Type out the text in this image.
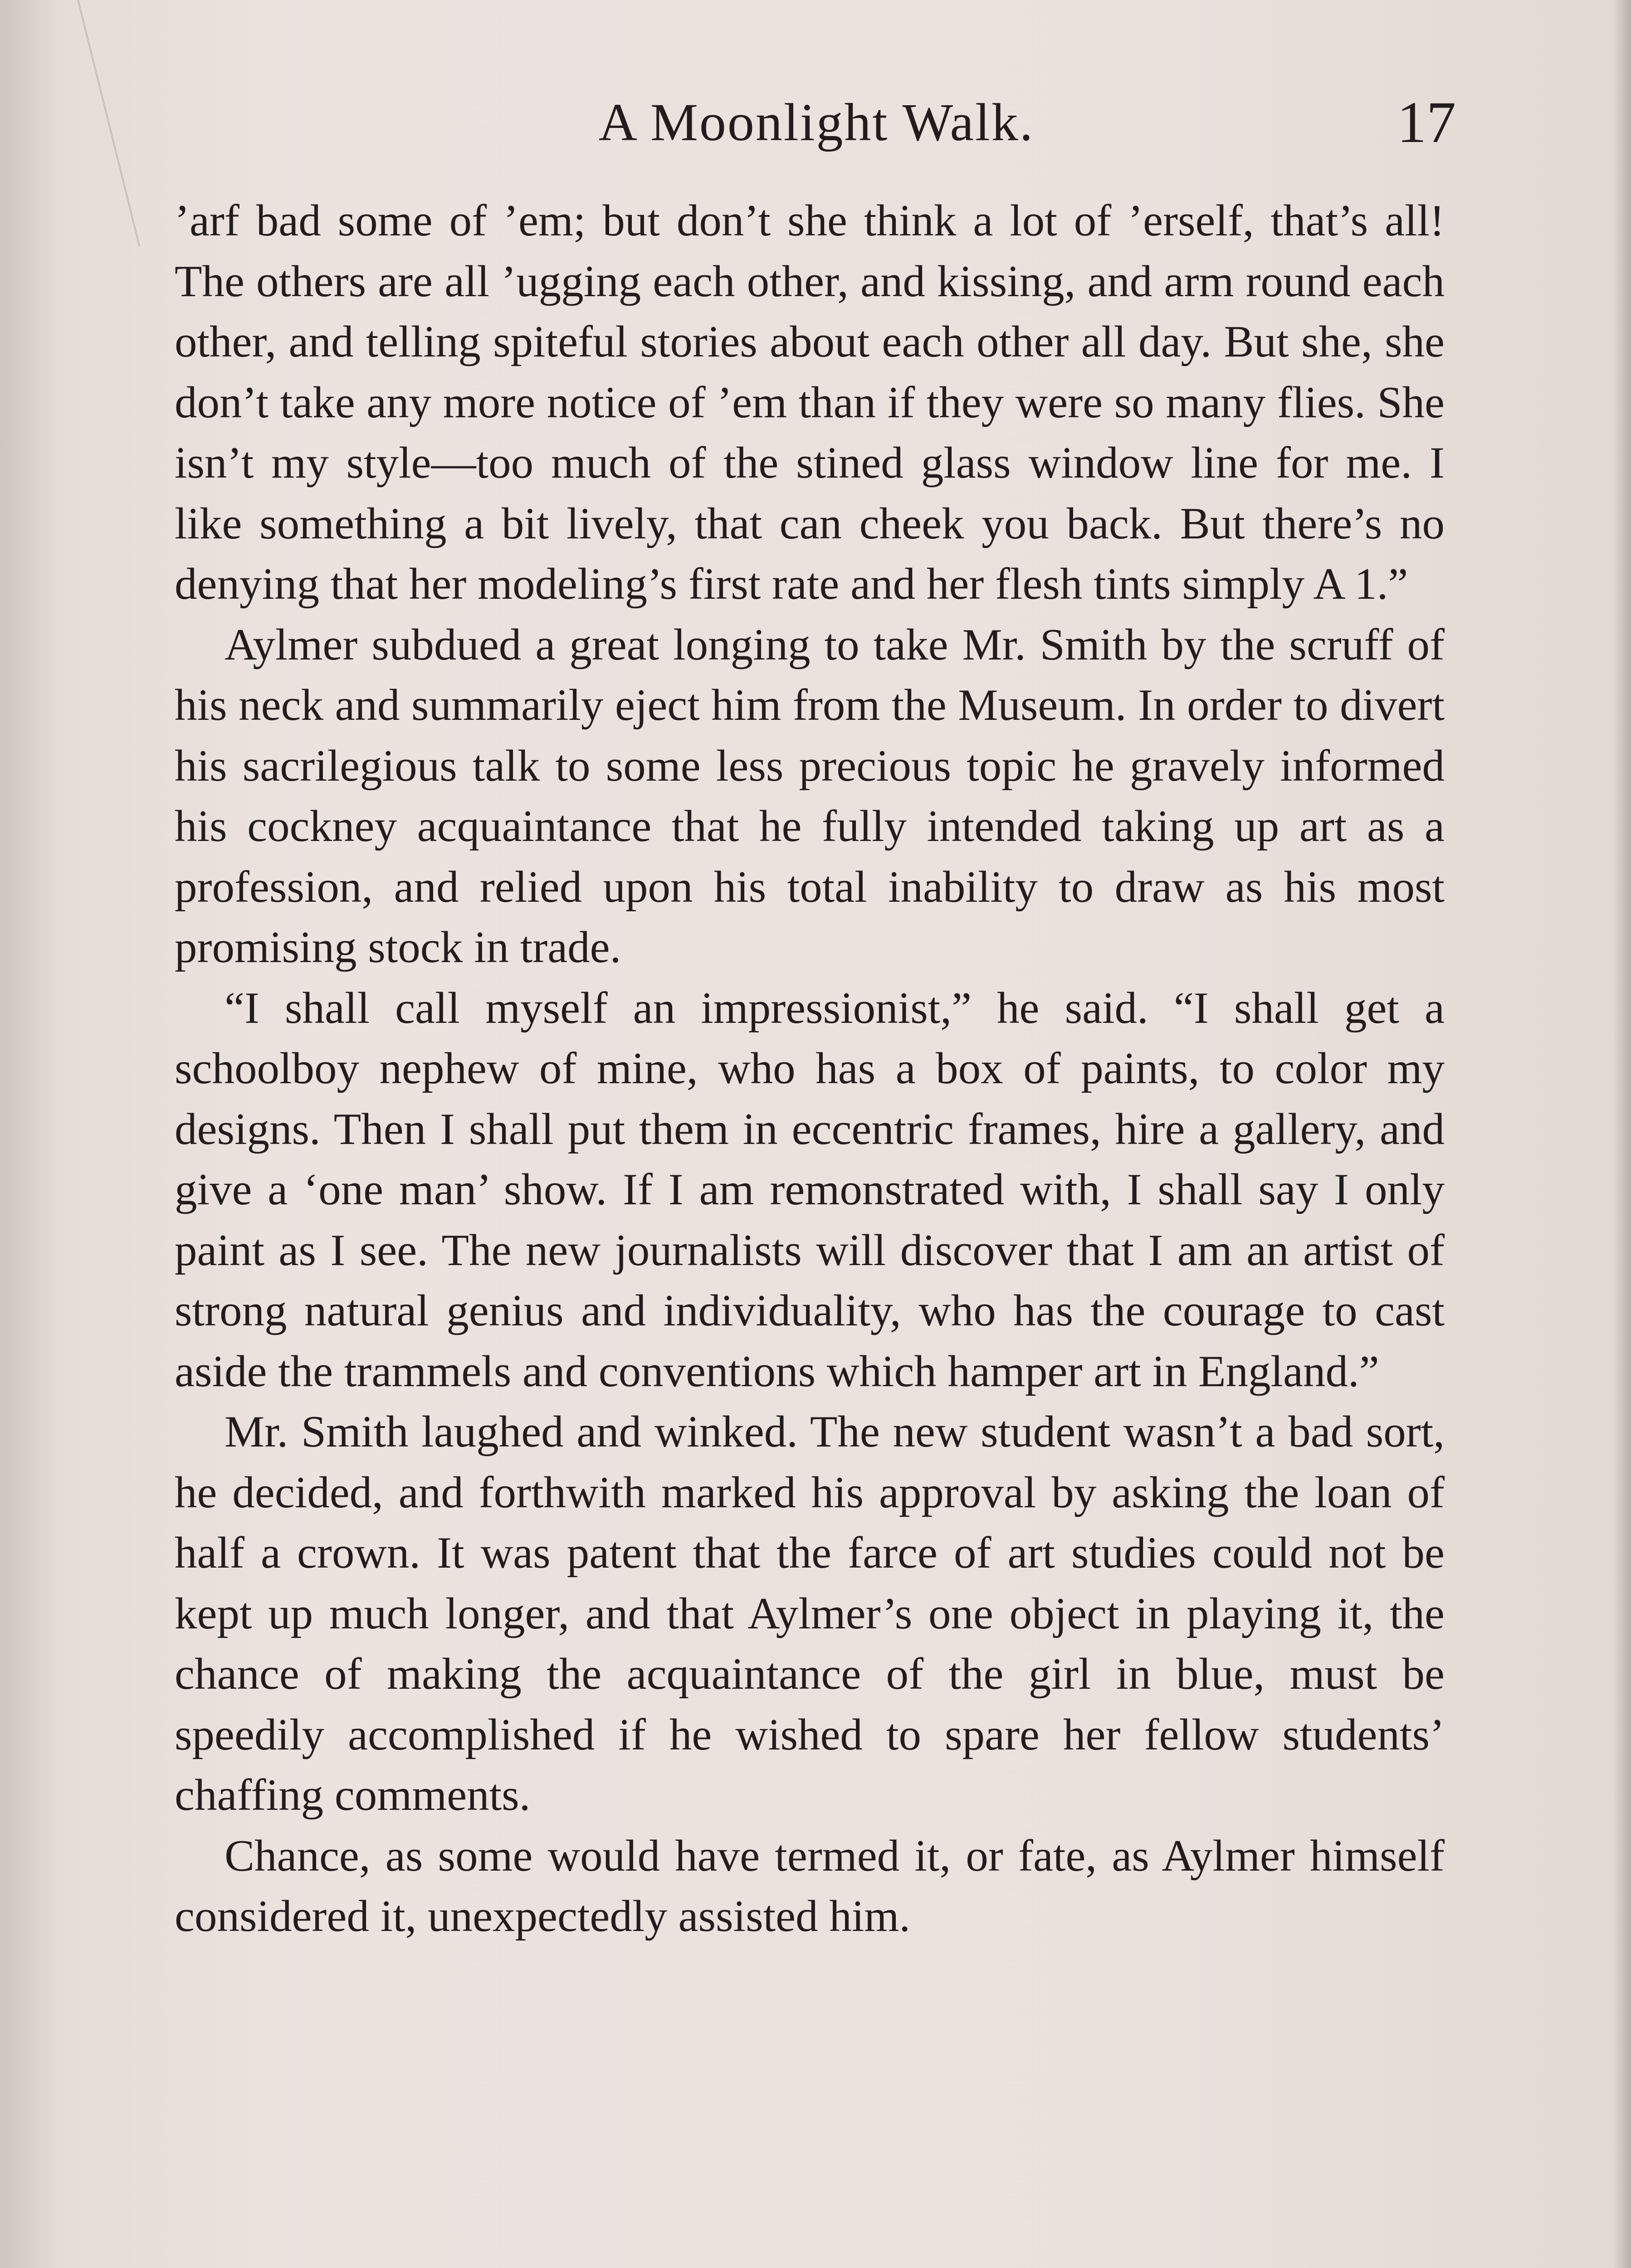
A Moonlight Walk.	17

’arf bad some of ’em; but don’t she think a lot of ’erself, that’s all! The others are all ’ugging each other, and kissing, and arm round each other, and telling spiteful stories about each other all day. But she, she don’t take any more notice of ’em than if they were so many flies. She isn’t my style—too much of the stined glass window line for me. I like something a bit lively, that can cheek you back. But there’s no denying that her modeling’s first rate and her flesh tints simply A 1.”

Aylmer subdued a great longing to take Mr. Smith by the scruff of his neck and summarily eject him from the Museum. In order to divert his sacrilegious talk to some less precious topic he gravely informed his cockney acquaintance that he fully intended taking up art as a profession, and relied upon his total inability to draw as his most promising stock in trade.

“I shall call myself an impressionist,” he said. “I shall get a schoolboy nephew of mine, who has a box of paints, to color my designs. Then I shall put them in eccentric frames, hire a gallery, and give a ‘one man’ show. If I am remonstrated with, I shall say I only paint as I see. The new journalists will discover that I am an artist of strong natural genius and individuality, who has the courage to cast aside the trammels and conventions which hamper art in England.”

Mr. Smith laughed and winked. The new student wasn’t a bad sort, he decided, and forthwith marked his approval by asking the loan of half a crown. It was patent that the farce of art studies could not be kept up much longer, and that Aylmer’s one object in playing it, the chance of making the acquaintance of the girl in blue, must be speedily accomplished if he wished to spare her fellow students’ chaffing comments.

Chance, as some would have termed it, or fate, as Aylmer himself considered it, unexpectedly assisted him.
